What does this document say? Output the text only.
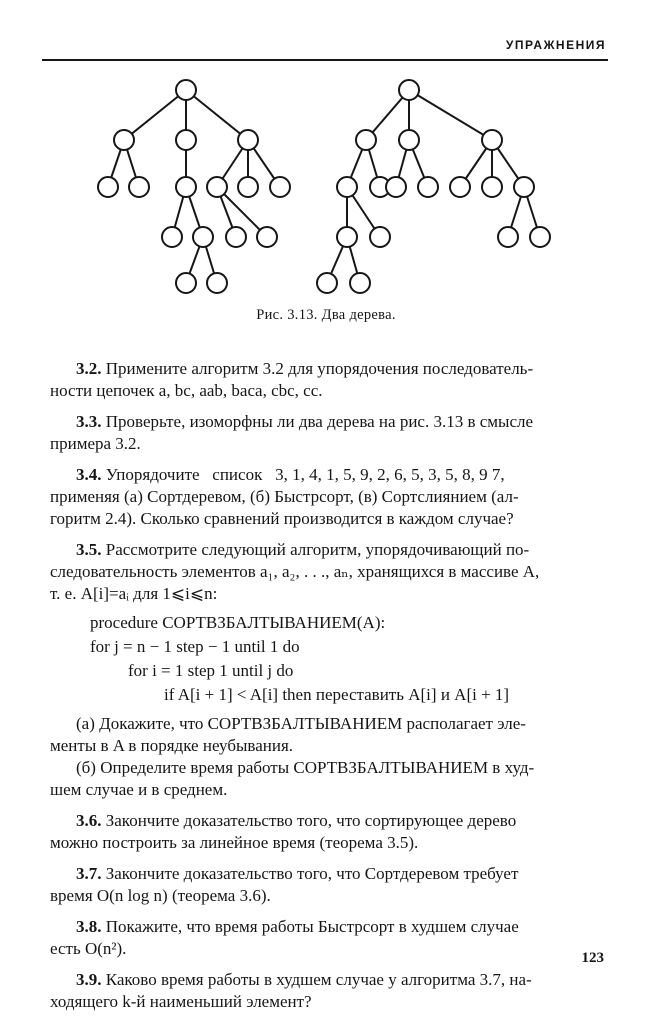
УПРАЖНЕНИЯ
Рис. 3.13. Два дерева.
3.2. Примените алгоритм 3.2 для упорядочения последователь-
ности цепочек a, bc, aab, baca, cbc, cc.
3.3. Проверьте, изоморфны ли два дерева на рис. 3.13 в смысле
примера 3.2.
3.4. Упорядочите   список   3, 1, 4, 1, 5, 9, 2, 6, 5, 3, 5, 8, 9 7,
применяя (а) Сортдеревом, (б) Быстрсорт, (в) Сортслиянием (ал-
горитм 2.4). Сколько сравнений производится в каждом случае?
3.5. Рассмотрите следующий алгоритм, упорядочивающий по-
следовательность элементов a₁, a₂, . . ., aₙ, хранящихся в массиве A,
т. е. A[i]=aᵢ для 1⩽i⩽n:
procedure СОРТВЗБАЛТЫВАНИЕМ(A):
for j = n − 1 step − 1 until 1 do
for i = 1 step 1 until j do
if A[i + 1] < A[i] then переставить A[i] и A[i + 1]
(а) Докажите, что СОРТВЗБАЛТЫВАНИЕМ располагает эле-
менты в A в порядке неубывания.
(б) Определите время работы СОРТВЗБАЛТЫВАНИЕМ в худ-
шем случае и в среднем.
3.6. Закончите доказательство того, что сортирующее дерево
можно построить за линейное время (теорема 3.5).
3.7. Закончите доказательство того, что Сортдеревом требует
время O(n log n) (теорема 3.6).
3.8. Покажите, что время работы Быстрсорт в худшем случае
есть O(n²).
3.9. Каково время работы в худшем случае у алгоритма 3.7, на-
ходящего k-й наименьший элемент?
123
